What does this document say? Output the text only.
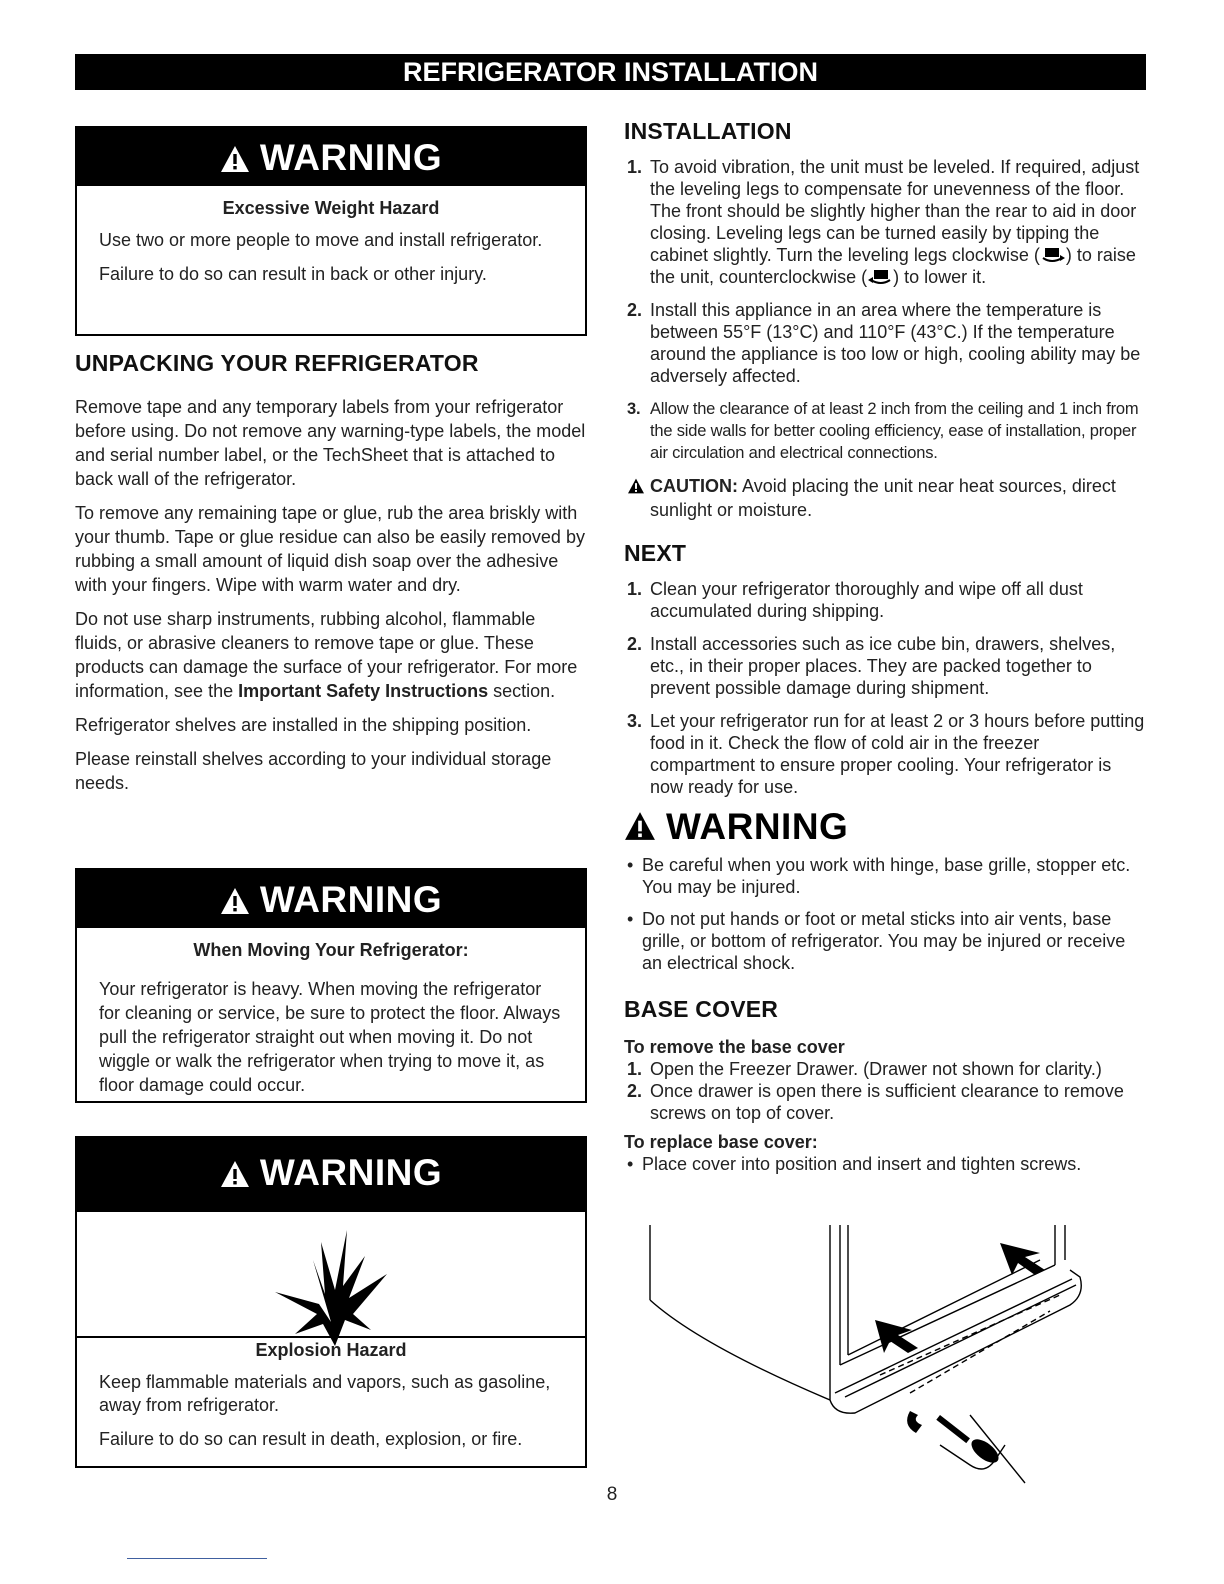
REFRIGERATOR INSTALLATION
WARNING
Excessive Weight Hazard
Use two or more people to move and install refrigerator.
Failure to do so can result in back or other injury.
UNPACKING YOUR REFRIGERATOR

Remove tape and any temporary labels from your refrigerator before using. Do not remove any warning-type labels, the model and serial number label, or the TechSheet that is attached to back wall of the refrigerator.

To remove any remaining tape or glue, rub the area briskly with your thumb. Tape or glue residue can also be easily removed by rubbing a small amount of liquid dish soap over the adhesive with your fingers. Wipe with warm water and dry.

Do not use sharp instruments, rubbing alcohol, flammable fluids, or abrasive cleaners to remove tape or glue. These products can damage the surface of your refrigerator. For more information, see the Important Safety Instructions section.

Refrigerator shelves are installed in the shipping position.

Please reinstall shelves according to your individual storage needs.

WARNING
When Moving Your Refrigerator:
Your refrigerator is heavy. When moving the refrigerator for cleaning or service, be sure to protect the floor. Always pull the refrigerator straight out when moving it. Do not wiggle or walk the refrigerator when trying to move it, as floor damage could occur.
WARNING
Explosion Hazard
Keep flammable materials and vapors, such as gasoline, away from refrigerator.
Failure to do so can result in death, explosion, or fire.
INSTALLATION
1. To avoid vibration, the unit must be leveled. If required, adjust the leveling legs to compensate for unevenness of the floor. The front should be slightly higher than the rear to aid in door closing. Leveling legs can be turned easily by tipping the cabinet slightly. Turn the leveling legs clockwise ( ) to raise the unit, counterclockwise ( ) to lower it.
2. Install this appliance in an area where the temperature is between 55°F (13°C) and 110°F (43°C.) If the temperature around the appliance is too low or high, cooling ability may be adversely affected.
3. Allow the clearance of at least 2 inch from the ceiling and 1 inch from the side walls for better cooling efficiency, ease of installation, proper air circulation and electrical connections.
CAUTION: Avoid placing the unit near heat sources, direct sunlight or moisture.
NEXT
1. Clean your refrigerator thoroughly and wipe off all dust accumulated during shipping.
2. Install accessories such as ice cube bin, drawers, shelves, etc., in their proper places. They are packed together to prevent possible damage during shipment.
3. Let your refrigerator run for at least 2 or 3 hours before putting food in it. Check the flow of cold air in the freezer compartment to ensure proper cooling. Your refrigerator is now ready for use.
WARNING
• Be careful when you work with hinge, base grille, stopper etc. You may be injured.
• Do not put hands or foot or metal sticks into air vents, base grille, or bottom of refrigerator. You may be injured or receive an electrical shock.
BASE COVER
To remove the base cover
1. Open the Freezer Drawer. (Drawer not shown for clarity.)
2. Once drawer is open there is sufficient clearance to remove screws on top of cover.
To replace base cover:
• Place cover into position and insert and tighten screws.
8
